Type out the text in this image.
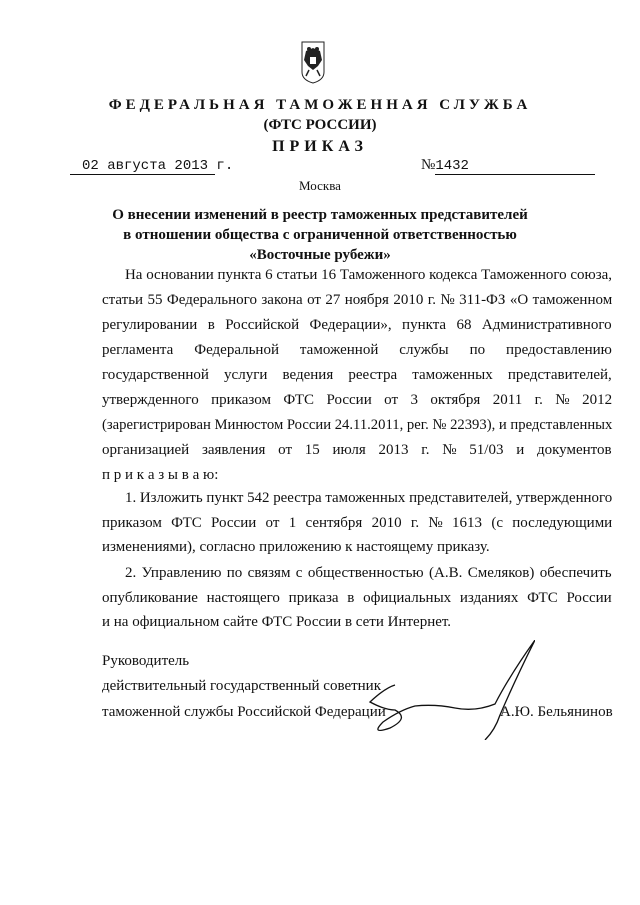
ФЕДЕРАЛЬНАЯ ТАМОЖЕННАЯ СЛУЖБА
(ФТС РОССИИ)
ПРИКАЗ
02 августа 2013 г.	№1432
Москва
О внесении изменений в реестр таможенных представителей
в отношении общества с ограниченной ответственностью
«Восточные рубежи»
На основании пункта 6 статьи 16 Таможенного кодекса Таможенного союза,
статьи 55 Федерального закона от 27 ноября 2010 г. № 311-ФЗ «О таможенном
регулировании в Российской Федерации», пункта 68 Административного
регламента Федеральной таможенной службы по предоставлению
государственной услуги ведения реестра таможенных представителей,
утвержденного приказом ФТС России от 3 октября 2011 г. № 2012
(зарегистрирован Минюстом России 24.11.2011, рег. № 22393), и представленных
организацией заявления от 15 июля 2013 г. № 51/03 и документов
п р и к а з ы в а ю:
1. Изложить пункт 542 реестра таможенных представителей, утвержденного
приказом ФТС России от 1 сентября 2010 г. № 1613 (с последующими
изменениями), согласно приложению к настоящему приказу.
2. Управлению по связям с общественностью (А.В. Смеляков) обеспечить
опубликование настоящего приказа в официальных изданиях ФТС России
и на официальном сайте ФТС России в сети Интернет.
Руководитель
действительный государственный советник
таможенной службы Российской Федерации	А.Ю. Бельянинов
